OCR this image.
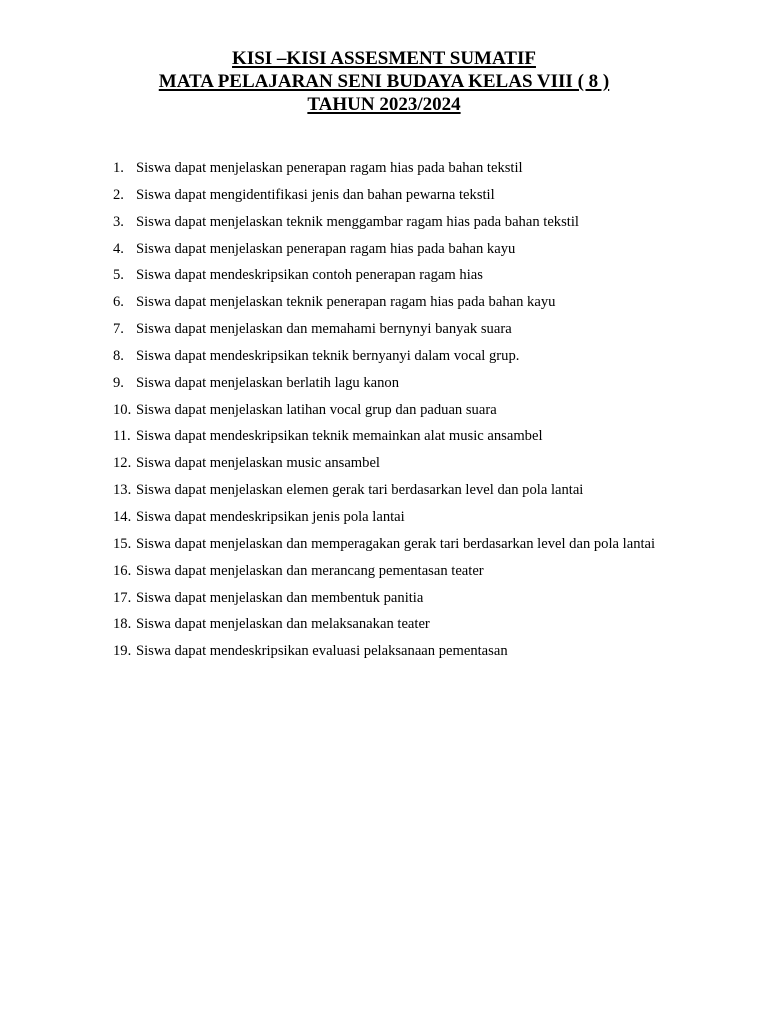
KISI –KISI ASSESMENT SUMATIF
MATA PELAJARAN SENI BUDAYA KELAS VIII ( 8 )
TAHUN 2023/2024
1. Siswa dapat menjelaskan penerapan ragam hias pada bahan tekstil
2. Siswa dapat mengidentifikasi jenis dan bahan pewarna tekstil
3. Siswa dapat menjelaskan teknik menggambar ragam hias pada bahan tekstil
4. Siswa dapat menjelaskan penerapan ragam hias pada bahan kayu
5. Siswa dapat mendeskripsikan contoh penerapan ragam hias
6. Siswa dapat menjelaskan teknik penerapan ragam hias pada bahan kayu
7. Siswa dapat menjelaskan dan memahami bernynyi banyak suara
8. Siswa dapat mendeskripsikan teknik bernyanyi dalam vocal grup.
9. Siswa dapat menjelaskan berlatih lagu kanon
10. Siswa dapat menjelaskan latihan vocal grup dan paduan suara
11. Siswa dapat mendeskripsikan teknik memainkan alat music ansambel
12. Siswa dapat menjelaskan music ansambel
13. Siswa dapat menjelaskan elemen gerak tari berdasarkan level dan pola lantai
14. Siswa dapat mendeskripsikan jenis pola lantai
15. Siswa dapat menjelaskan dan memperagakan gerak tari berdasarkan level dan pola lantai
16. Siswa dapat menjelaskan dan merancang pementasan teater
17. Siswa dapat menjelaskan dan membentuk panitia
18. Siswa dapat menjelaskan dan melaksanakan teater
19. Siswa dapat mendeskripsikan evaluasi pelaksanaan pementasan
